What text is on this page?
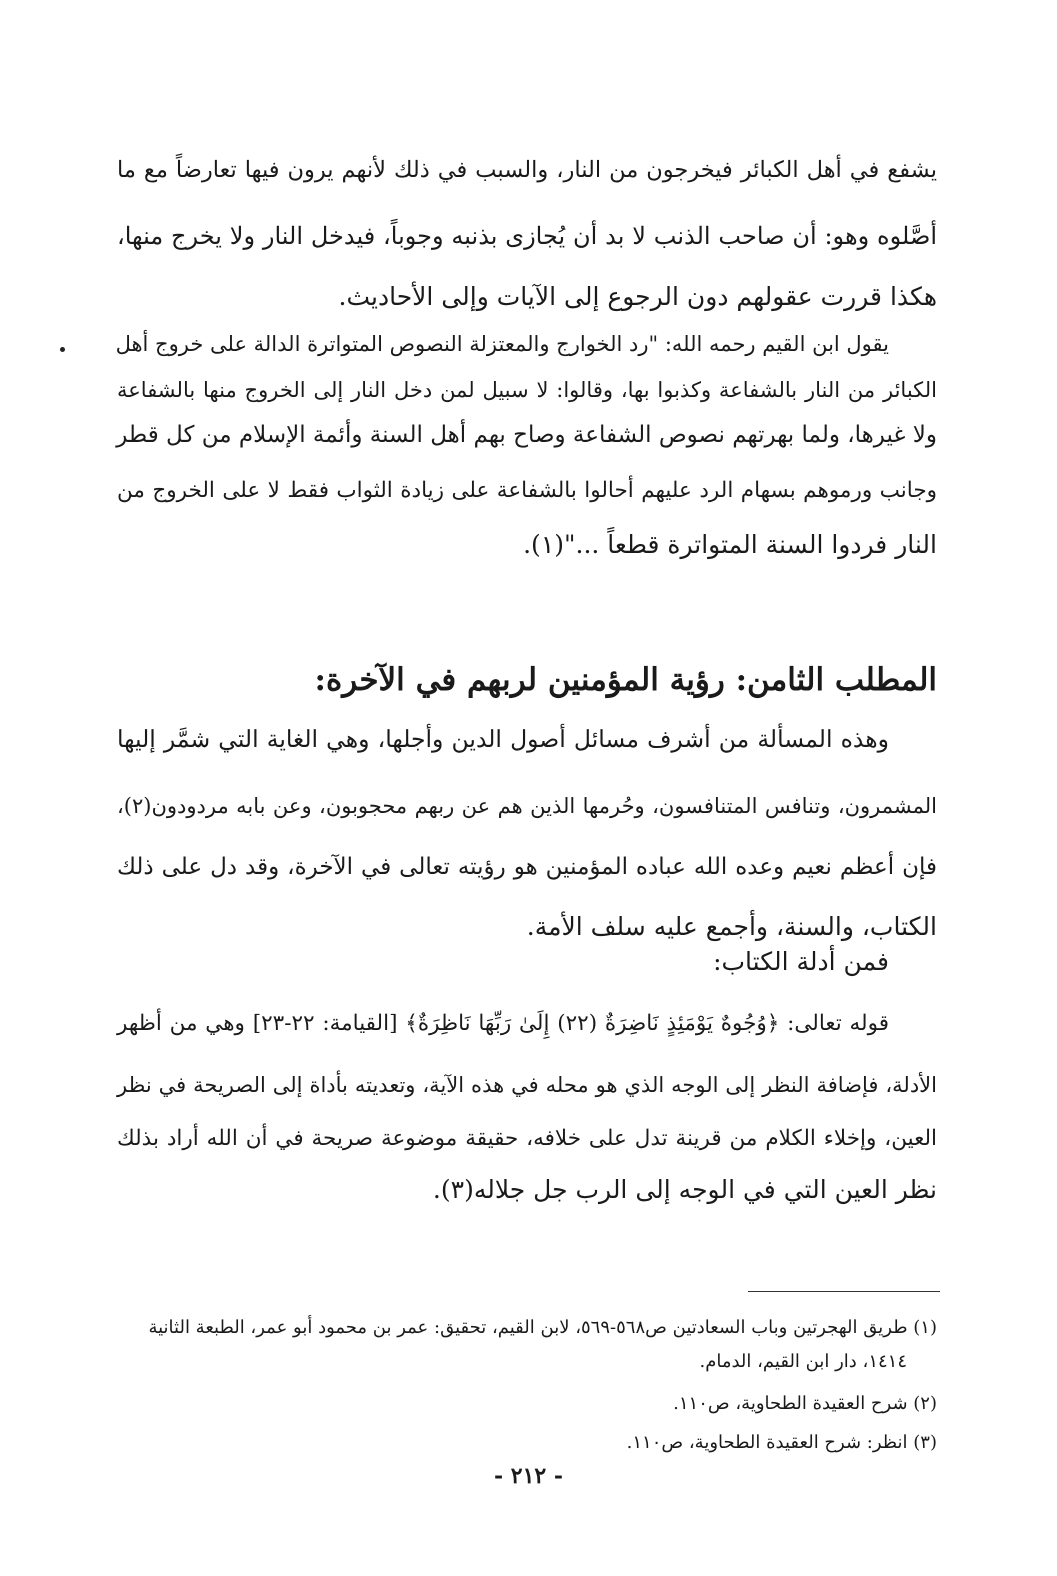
يشفع في أهل الكبائر فيخرجون من النار، والسبب في ذلك لأنهم يرون فيها تعارضاً مع ما
أصَّلوه وهو: أن صاحب الذنب لا بد أن يُجازى بذنبه وجوباً، فيدخل النار ولا يخرج منها،
هكذا قررت عقولهم دون الرجوع إلى الآيات وإلى الأحاديث.
يقول ابن القيم رحمه الله: "رد الخوارج والمعتزلة النصوص المتواترة الدالة على خروج أهل
الكبائر من النار بالشفاعة وكذبوا بها، وقالوا: لا سبيل لمن دخل النار إلى الخروج منها بالشفاعة
ولا غيرها، ولما بهرتهم نصوص الشفاعة وصاح بهم أهل السنة وأئمة الإسلام من كل قطر
وجانب ورموهم بسهام الرد عليهم أحالوا بالشفاعة على زيادة الثواب فقط لا على الخروج من
النار فردوا السنة المتواترة قطعاً ..."(١).
المطلب الثامن: رؤية المؤمنين لربهم في الآخرة:
وهذه المسألة من أشرف مسائل أصول الدين وأجلها، وهي الغاية التي شمَّر إليها
المشمرون، وتنافس المتنافسون، وحُرمها الذين هم عن ربهم محجوبون، وعن بابه مردودون(٢)،
فإن أعظم نعيم وعده الله عباده المؤمنين هو رؤيته تعالى في الآخرة، وقد دل على ذلك
الكتاب، والسنة، وأجمع عليه سلف الأمة.
فمن أدلة الكتاب:
قوله تعالى: ﴿وُجُوهٌ يَوْمَئِذٍ نَاضِرَةٌ (٢٢) إِلَىٰ رَبِّهَا نَاظِرَةٌ﴾ [القيامة: ٢٢-٢٣] وهي من أظهر
الأدلة، فإضافة النظر إلى الوجه الذي هو محله في هذه الآية، وتعديته بأداة إلى الصريحة في نظر
العين، وإخلاء الكلام من قرينة تدل على خلافه، حقيقة موضوعة صريحة في أن الله أراد بذلك
نظر العين التي في الوجه إلى الرب جل جلاله(٣).
(١) طريق الهجرتين وباب السعادتين ص٥٦٨-٥٦٩، لابن القيم، تحقيق: عمر بن محمود أبو عمر، الطبعة الثانية
١٤١٤، دار ابن القيم، الدمام.
(٢) شرح العقيدة الطحاوية، ص١١٠.
(٣) انظر: شرح العقيدة الطحاوية، ص١١٠.
- ٢١٢ -
